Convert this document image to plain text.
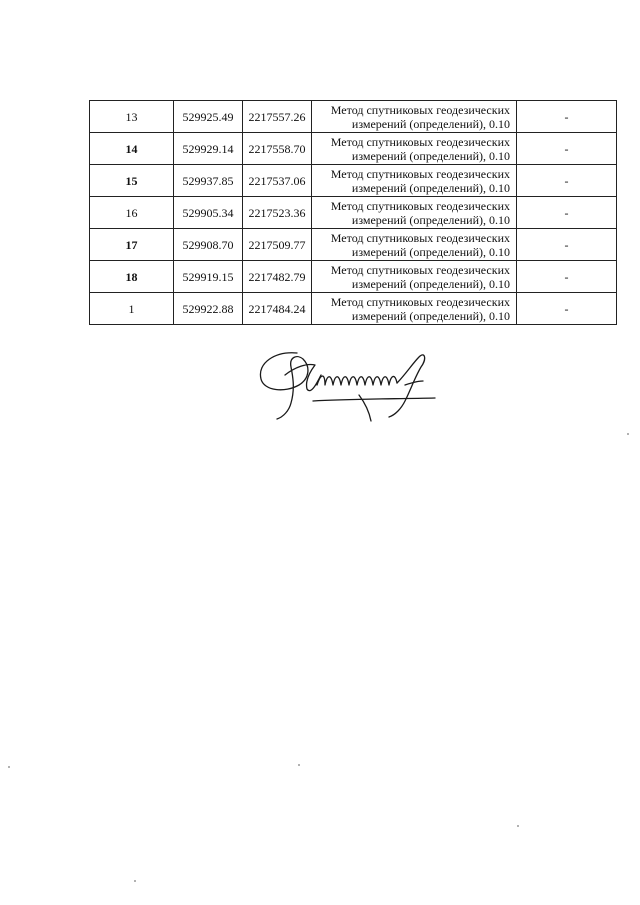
13	529925.49	2217557.26	Метод спутниковых геодезических
измерений (определений), 0.10	-
14	529929.14	2217558.70	Метод спутниковых геодезических
измерений (определений), 0.10	-
15	529937.85	2217537.06	Метод спутниковых геодезических
измерений (определений), 0.10	-
16	529905.34	2217523.36	Метод спутниковых геодезических
измерений (определений), 0.10	-
17	529908.70	2217509.77	Метод спутниковых геодезических
измерений (определений), 0.10	-
18	529919.15	2217482.79	Метод спутниковых геодезических
измерений (определений), 0.10	-
1	529922.88	2217484.24	Метод спутниковых геодезических
измерений (определений), 0.10	-
